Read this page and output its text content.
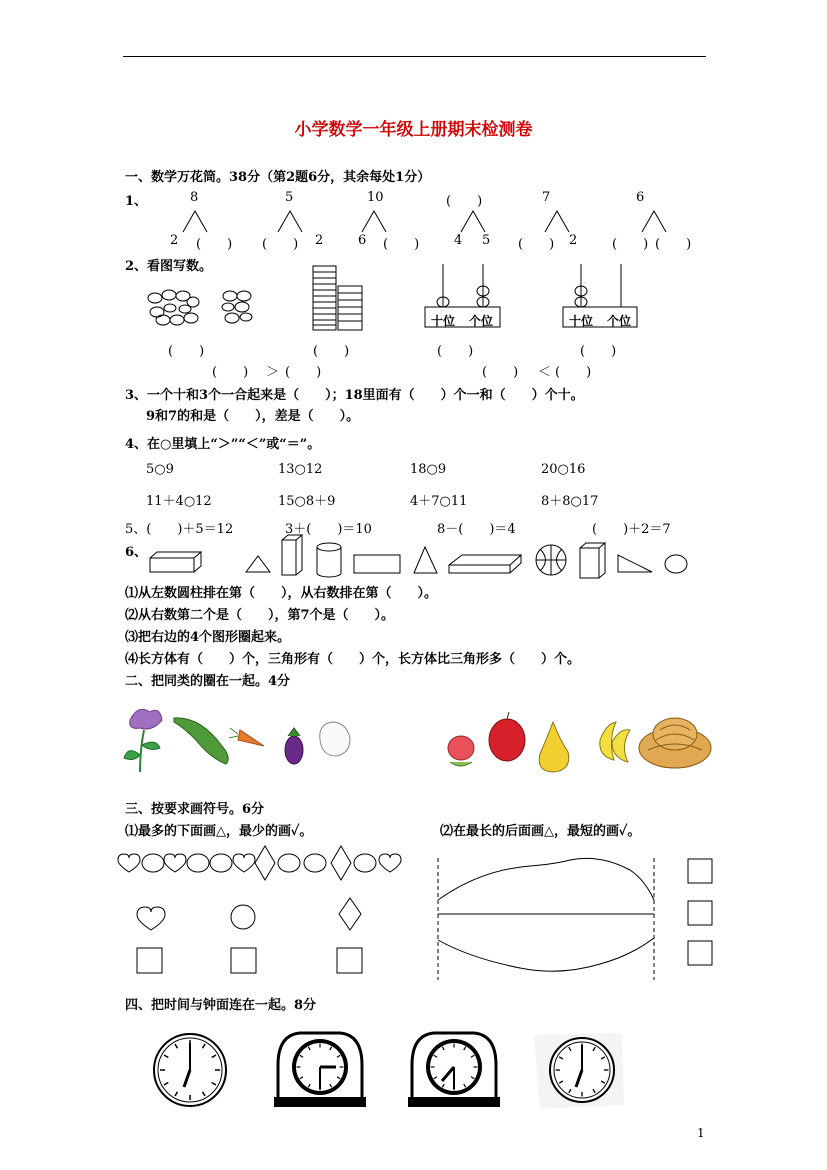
小学数学一年级上册期末检测卷
一、数学万花筒。38分（第2题6分，其余每处1分）
1、	8	5	10	(　　)	7	6
2 (　　) (　　) 2	6 (　　)	4 5 (　　) 2	(　　) (　　)
2、看图写数。
十位 个位	十位 个位
(　　)	(　　)	(　　)	(　　)
(　　) ＞ (　　)	(　　) ＜ (　　)
3、一个十和3个一合起来是（　　）；18里面有（　　）个一和（　　）个十。
9和7的和是（　　），差是（　　）。
4、在○里填上“＞”“＜”或“＝”。
5○9	13○12	18○9	20○16
11＋4○12	15○8＋9	4＋7○11	8＋8○17
5、(　　)＋5＝12	3＋(　　)＝10	8－(　　)＝4	(　　)＋2＝7
6、
⑴从左数圆柱排在第（　　），从右数排在第（　　）。
⑵从右数第二个是（　　），第7个是（　　）。
⑶把右边的4个图形圈起来。
⑷长方体有（　　）个，三角形有（　　）个，长方体比三角形多（　　）个。
二、把同类的圈在一起。4分
三、按要求画符号。6分
⑴最多的下面画△，最少的画✓。	⑵在最长的后面画△，最短的画✓。
四、把时间与钟面连在一起。8分
1
